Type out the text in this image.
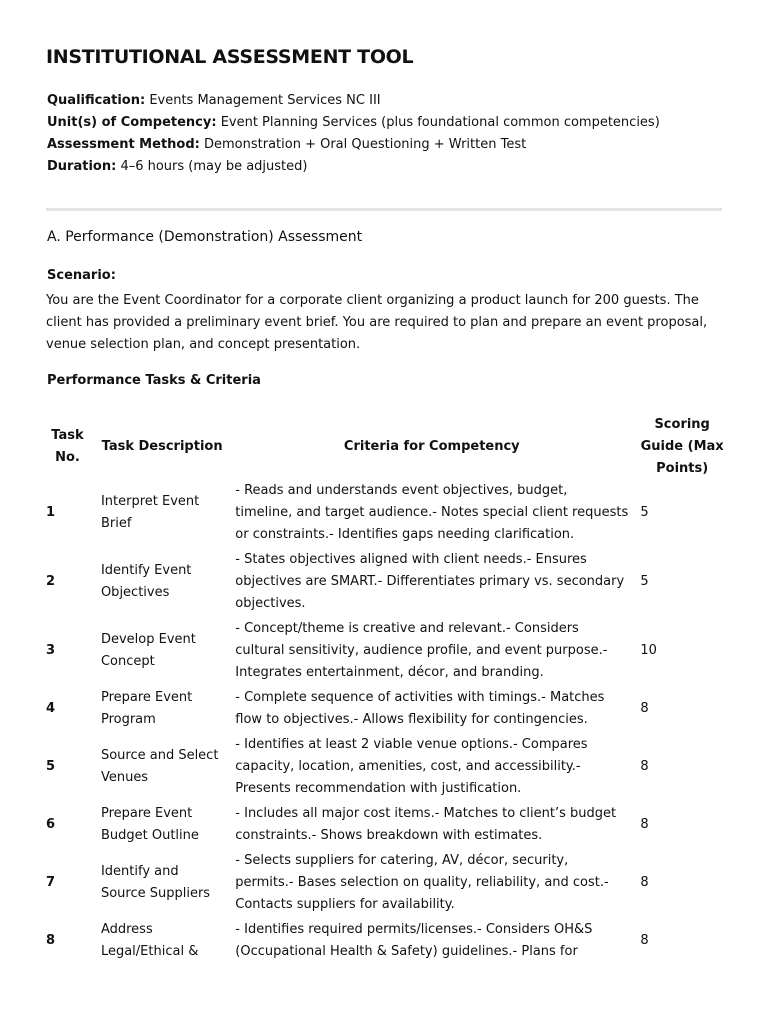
INSTITUTIONAL ASSESSMENT TOOL
Qualification: Events Management Services NC III
Unit(s) of Competency: Event Planning Services (plus foundational common competencies)
Assessment Method: Demonstration + Oral Questioning + Written Test
Duration: 4–6 hours (may be adjusted)
A. Performance (Demonstration) Assessment
Scenario:
You are the Event Coordinator for a corporate client organizing a product launch for 200 guests. The client has provided a preliminary event brief. You are required to plan and prepare an event proposal, venue selection plan, and concept presentation.
Performance Tasks & Criteria
Task No.	Task Description	Criteria for Competency	Scoring Guide (Max Points)
1	Interpret Event Brief	- Reads and understands event objectives, budget, timeline, and target audience.- Notes special client requests or constraints.- Identifies gaps needing clarification.	5
2	Identify Event Objectives	- States objectives aligned with client needs.- Ensures objectives are SMART.- Differentiates primary vs. secondary objectives.	5
3	Develop Event Concept	- Concept/theme is creative and relevant.- Considers cultural sensitivity, audience profile, and event purpose.- Integrates entertainment, décor, and branding.	10
4	Prepare Event Program	- Complete sequence of activities with timings.- Matches flow to objectives.- Allows flexibility for contingencies.	8
5	Source and Select Venues	- Identifies at least 2 viable venue options.- Compares capacity, location, amenities, cost, and accessibility.- Presents recommendation with justification.	8
6	Prepare Event Budget Outline	- Includes all major cost items.- Matches to client’s budget constraints.- Shows breakdown with estimates.	8
7	Identify and Source Suppliers	- Selects suppliers for catering, AV, décor, security, permits.- Bases selection on quality, reliability, and cost.- Contacts suppliers for availability.	8
8	Address Legal/Ethical &	- Identifies required permits/licenses.- Considers OH&S (Occupational Health & Safety) guidelines.- Plans for	8
